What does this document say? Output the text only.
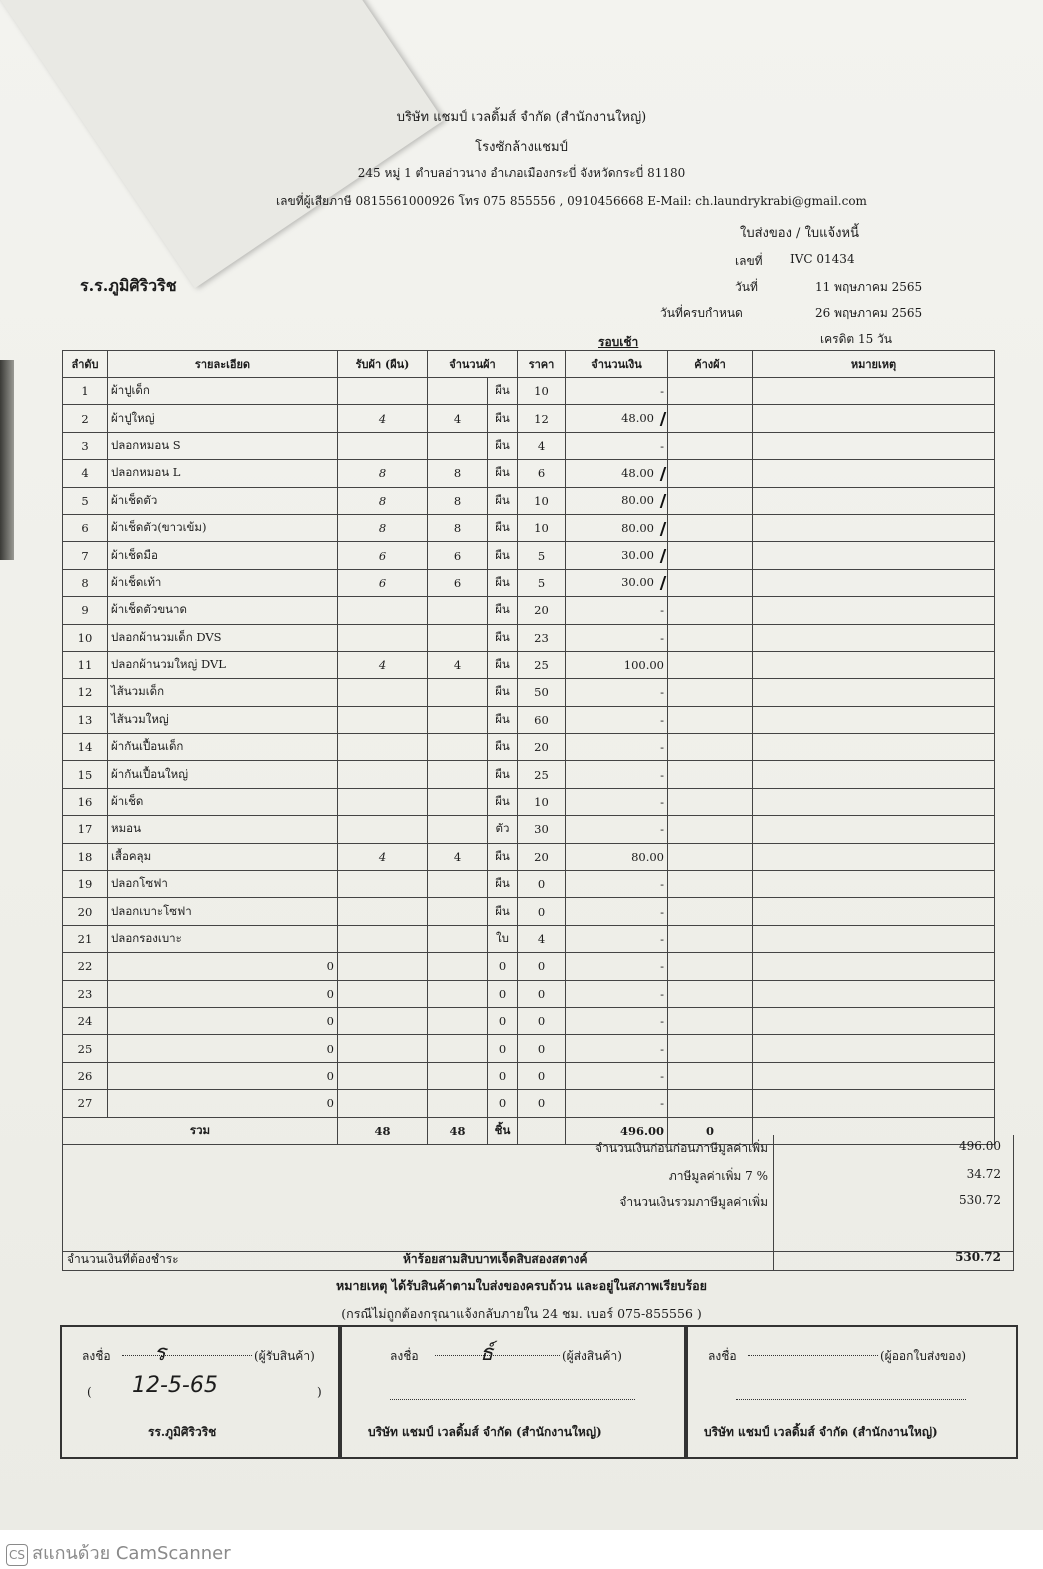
บริษัท แชมป์ เวลดิ้มส์ จำกัด (สำนักงานใหญ่)
โรงซักล้างแชมป์
245 หมู่ 1 ตำบลอ่าวนาง อำเภอเมืองกระบี่ จังหวัดกระบี่ 81180
เลขที่ผู้เสียภาษี 0815561000926 โทร 075 855556 , 0910456668 E-Mail: ch.laundrykrabi@gmail.com
ใบส่งของ / ใบแจ้งหนี้
เลขที่ IVC 01434
วันที่	11 พฤษภาคม 2565
วันที่ครบกำหนด	26 พฤษภาคม 2565
เครดิต 15 วัน
ร.ร.ภูมิศิริวริช
รอบเช้า
ลำดับ	รายละเอียด	รับผ้า (ผืน)	จำนวนผ้า		ราคา	จำนวนเงิน	ค้างผ้า	หมายเหตุ
1	ผ้าปูเด็ก			ผืน	10	-		
2	ผ้าปูใหญ่	4	4	ผืน	12	48.00		
3	ปลอกหมอน S			ผืน	4	-		
4	ปลอกหมอน L	8	8	ผืน	6	48.00		
5	ผ้าเช็ดตัว	8	8	ผืน	10	80.00		
6	ผ้าเช็ดตัว(ขาวเข้ม)	8	8	ผืน	10	80.00		
7	ผ้าเช็ดมือ	6	6	ผืน	5	30.00		
8	ผ้าเช็ดเท้า	6	6	ผืน	5	30.00		
9	ผ้าเช็ดตัวขนาด			ผืน	20	-		
10	ปลอกผ้านวมเด็ก DVS			ผืน	23	-		
11	ปลอกผ้านวมใหญ่ DVL	4	4	ผืน	25	100.00		
12	ไส้นวมเด็ก			ผืน	50	-		
13	ไส้นวมใหญ่			ผืน	60	-		
14	ผ้ากันเปื้อนเด็ก			ผืน	20	-		
15	ผ้ากันเปื้อนใหญ่			ผืน	25	-		
16	ผ้าเช็ด			ผืน	10	-		
17	หมอน			ตัว	30	-		
18	เสื้อคลุม	4	4	ผืน	20	80.00		
19	ปลอกโซฟา			ผืน	0	-		
20	ปลอกเบาะโซฟา			ผืน	0	-		
21	ปลอกรองเบาะ			ใบ	4	-		
22	0			0	0	-		
23	0			0	0	-		
24	0			0	0	-		
25	0			0	0	-		
26	0			0	0	-		
27	0			0	0	-		
รวม		48	48	ชิ้น		496.00	0	
จำนวนเงินก่อนก่อนภาษีมูลค่าเพิ่ม	496.00
ภาษีมูลค่าเพิ่ม 7 %	34.72
จำนวนเงินรวมภาษีมูลค่าเพิ่ม	530.72
จำนวนเงินที่ต้องชำระ	ห้าร้อยสามสิบบาทเจ็ดสิบสองสตางค์	530.72
หมายเหตุ ได้รับสินค้าตามใบส่งของครบถ้วน และอยู่ในสภาพเรียบร้อย
(กรณีไม่ถูกต้องกรุณาแจ้งกลับภายใน 24 ชม. เบอร์ 075-855556 )
ลงชื่อ ร	(ผู้รับสินค้า)
( 12-5-65	)
รร.ภูมิศิริวริช
ลงชื่อ	ธ์	(ผู้ส่งสินค้า)
บริษัท แชมป์ เวลดิ้มส์ จำกัด (สำนักงานใหญ่)
ลงชื่อ	(ผู้ออกใบส่งของ)
บริษัท แชมป์ เวลดิ้มส์ จำกัด (สำนักงานใหญ่)
CS สแกนด้วย CamScanner
